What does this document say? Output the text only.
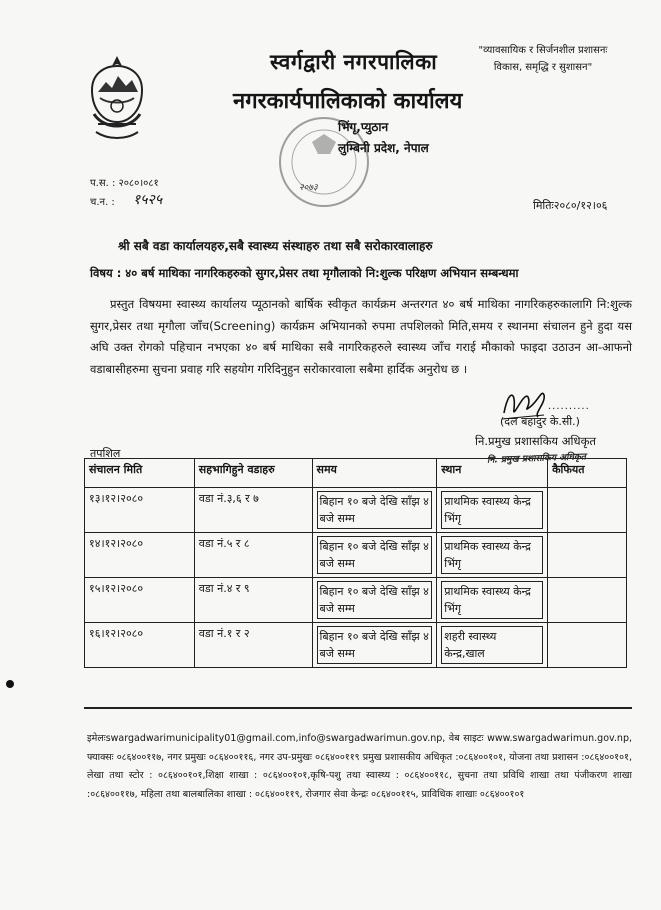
स्वर्गद्वारी नगरपालिका
नगरकार्यपालिकाको कार्यालय
"व्यावसायिक र सिर्जनशील प्रशासनः
विकास, समृद्धि र सुशासन"
भिंगृ,प्युठान
लुम्बिनी प्रदेश, नेपाल
२०७३
प.स. : २०८०।०८१
च.न. : १५२५	मितिः२०८०/१२।०६
श्री सबै वडा कार्यालयहरु,सबै स्वास्थ्य संस्थाहरु तथा सबै सरोकारवालाहरु
विषय : ४० बर्ष माथिका नागरिकहरुको सुगर,प्रेसर तथा मृगौलाको नि:शुल्क परिक्षण अभियान सम्बन्धमा
प्रस्तुत विषयमा स्वास्थ्य कार्यालय प्यूठानको बार्षिक स्वीकृत कार्यक्रम अन्तरगत ४० बर्ष माथिका नागरिकहरुकालागि नि:शुल्क सुगर,प्रेसर तथा मृगौला जाँच(Screening) कार्यक्रम अभियानको रुपमा तपशिलको मिति,समय र स्थानमा संचालन हुने हुदा यस अघि उक्त रोगको पहिचान नभएका ४० बर्ष माथिका सबै नागरिकहरुले स्वास्थ्य जाँच गराई मौकाको फाइदा उठाउन आ-आफनो वडाबासीहरुमा सुचना प्रवाह गरि सहयोग गरिदिनुहुन सरोकारवाला सबैमा हार्दिक अनुरोध छ ।
..........
(दल बहादुर के.सी.)
नि.प्रमुख प्रशासकिय अधिकृत
नि. प्रमुख प्रशासकिय अधिकृत
तपशिल
संचालन मिति	सहभागिहुने वडाहरु	समय	स्थान	कैफियत
१३।१२।२०८०	वडा नं.३,६ र ७	बिहान १० बजे देखि साँझ ४ बजे सम्म	प्राथमिक स्वास्थ्य केन्द्र भिंगृ	
१४।१२।२०८०	वडा नं.५ र ८	बिहान १० बजे देखि साँझ ४ बजे सम्म	प्राथमिक स्वास्थ्य केन्द्र भिंगृ	
१५।१२।२०८०	वडा नं.४ र ९	बिहान १० बजे देखि साँझ ४ बजे सम्म	प्राथमिक स्वास्थ्य केन्द्र भिंगृ	
१६।१२।२०८०	वडा नं.१ र २	बिहान १० बजे देखि साँझ ४ बजे सम्म	शहरी स्वास्थ्य केन्द्र,खाल	
इमेलःswargadwarimunicipality01@gmail.com,info@swargadwarimun.gov.np, वेब साइटः www.swargadwarimun.gov.np, फ्याक्सः ०८६४००११७, नगर प्रमुखः ०८६४००११६, नगर उप-प्रमुखः ०८६४००११९ प्रमुख प्रशासकीय अधिकृत :०८६४००१०१, योजना तथा प्रशासन :०८६४००१०१, लेखा तथा स्टोर : ०८६४००१०१,शिक्षा शाखा : ०८६४००१०१,कृषि-पशु तथा स्वास्थ्य : ०८६४००११८, सुचना तथा प्रविधि शाखा तथा पंजीकरण शाखा :०८६४००११७, महिला तथा बालबालिका शाखा : ०८६४००११९, रोजगार सेवा केन्द्रः ०८६४००११५, प्राविधिक शाखाः ०८६४००१०१
